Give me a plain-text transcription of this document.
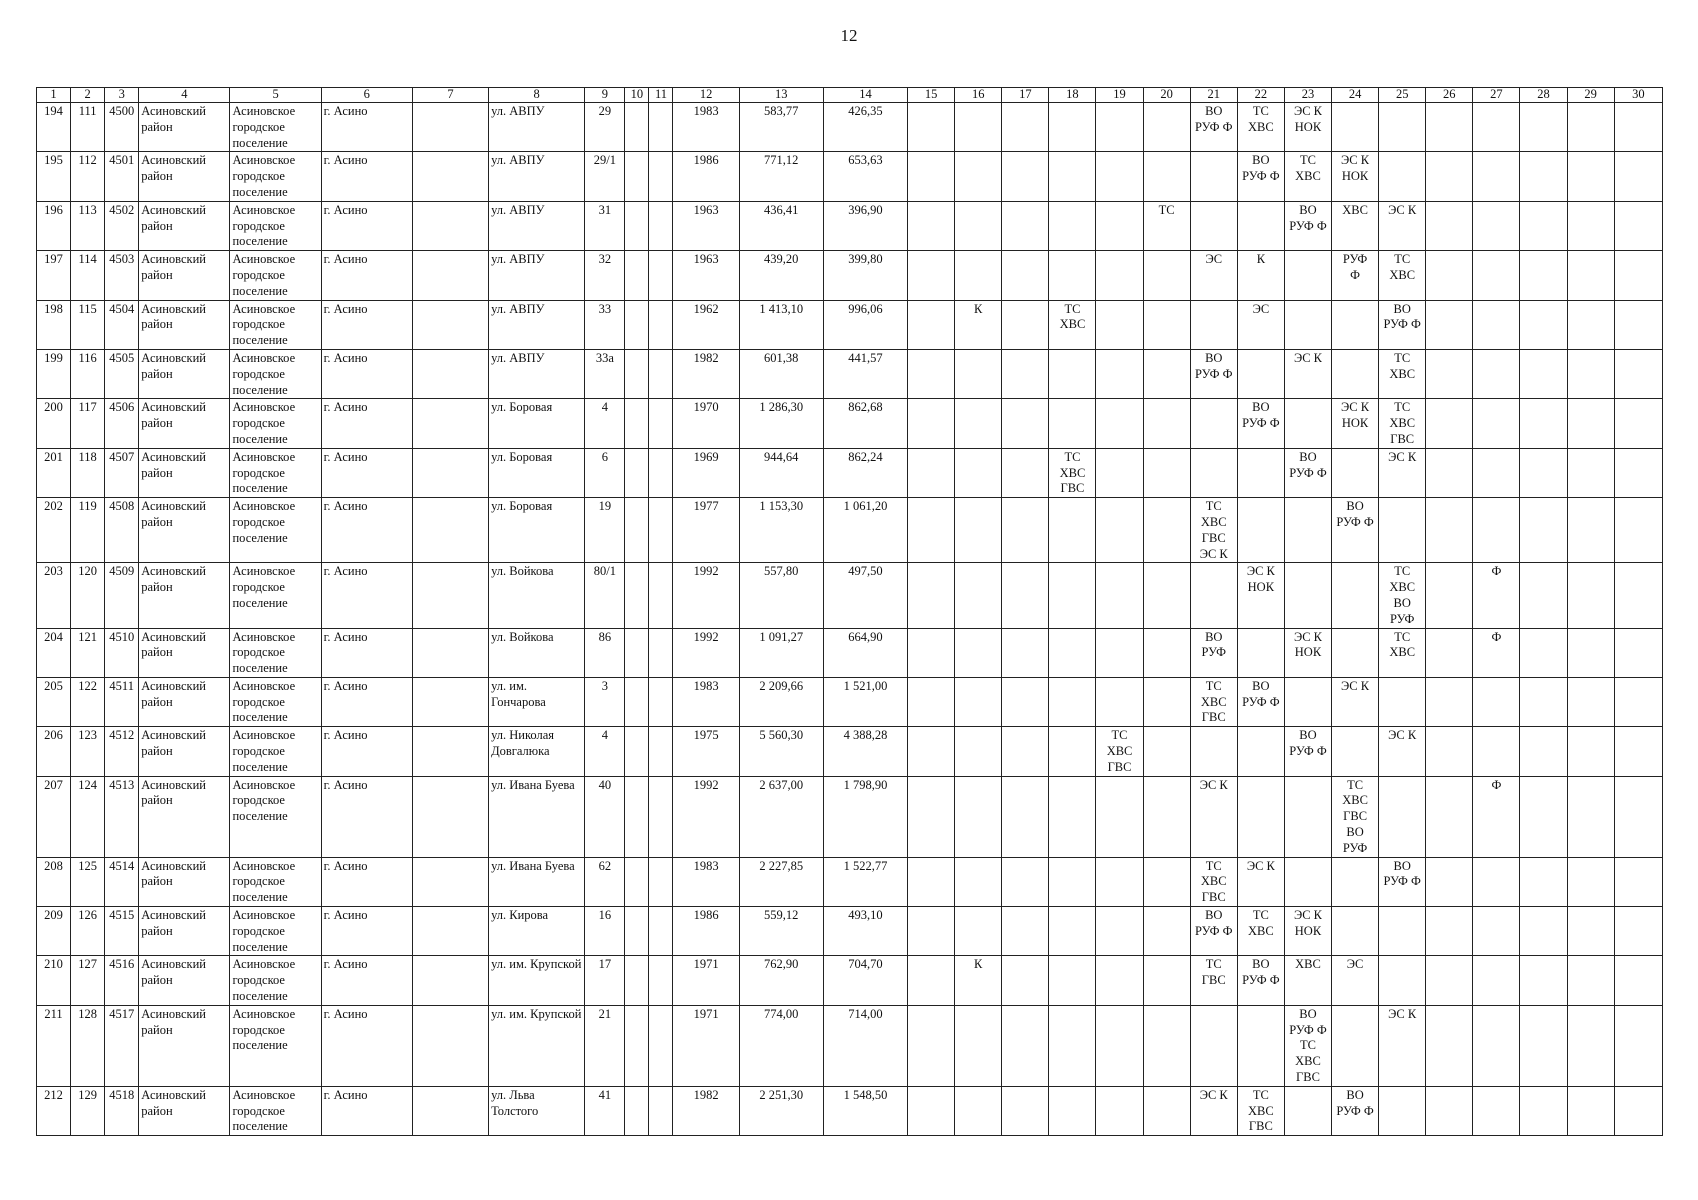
12
1	2	3	4	5	6	7	8	9	10	11	12	13	14	15	16	17	18	19	20	21	22	23	24	25	26	27	28	29	30
194	111	4500	Асиновский район	Асиновское городское поселение	г. Асино		ул. АВПУ	29			1983	583,77	426,35							ВО
РУФ Ф	ТС
ХВС	ЭС К
НОК							
195	112	4501	Асиновский район	Асиновское городское поселение	г. Асино		ул. АВПУ	29/1			1986	771,12	653,63								ВО
РУФ Ф	ТС
ХВС	ЭС К
НОК						
196	113	4502	Асиновский район	Асиновское городское поселение	г. Асино		ул. АВПУ	31			1963	436,41	396,90						ТС			ВО
РУФ Ф	ХВС	ЭС К					
197	114	4503	Асиновский район	Асиновское городское поселение	г. Асино		ул. АВПУ	32			1963	439,20	399,80							ЭС	К		РУФ
Ф	ТС
ХВС					
198	115	4504	Асиновский район	Асиновское городское поселение	г. Асино		ул. АВПУ	33			1962	1 413,10	996,06		К		ТС
ХВС				ЭС			ВО
РУФ Ф					
199	116	4505	Асиновский район	Асиновское городское поселение	г. Асино		ул. АВПУ	33а			1982	601,38	441,57							ВО
РУФ Ф		ЭС К		ТС
ХВС					
200	117	4506	Асиновский район	Асиновское городское поселение	г. Асино		ул. Боровая	4			1970	1 286,30	862,68								ВО
РУФ Ф		ЭС К
НОК	ТС
ХВС
ГВС					
201	118	4507	Асиновский район	Асиновское городское поселение	г. Асино		ул. Боровая	6			1969	944,64	862,24				ТС
ХВС
ГВС					ВО
РУФ Ф		ЭС К					
202	119	4508	Асиновский район	Асиновское городское поселение	г. Асино		ул. Боровая	19			1977	1 153,30	1 061,20							ТС
ХВС
ГВС
ЭС К			ВО
РУФ Ф						
203	120	4509	Асиновский район	Асиновское городское поселение	г. Асино		ул. Войкова	80/1			1992	557,80	497,50								ЭС К
НОК			ТС
ХВС
ВО
РУФ		Ф			
204	121	4510	Асиновский район	Асиновское городское поселение	г. Асино		ул. Войкова	86			1992	1 091,27	664,90							ВО
РУФ		ЭС К
НОК		ТС
ХВС		Ф			
205	122	4511	Асиновский район	Асиновское городское поселение	г. Асино		ул. им. Гончарова	3			1983	2 209,66	1 521,00							ТС
ХВС
ГВС	ВО
РУФ Ф		ЭС К						
206	123	4512	Асиновский район	Асиновское городское поселение	г. Асино		ул. Николая Довгалюка	4			1975	5 560,30	4 388,28					ТС
ХВС
ГВС				ВО
РУФ Ф		ЭС К					
207	124	4513	Асиновский район	Асиновское городское поселение	г. Асино		ул. Ивана Буева	40			1992	2 637,00	1 798,90							ЭС К			ТС
ХВС
ГВС
ВО
РУФ			Ф			
208	125	4514	Асиновский район	Асиновское городское поселение	г. Асино		ул. Ивана Буева	62			1983	2 227,85	1 522,77							ТС
ХВС
ГВС	ЭС К			ВО
РУФ Ф					
209	126	4515	Асиновский район	Асиновское городское поселение	г. Асино		ул. Кирова	16			1986	559,12	493,10							ВО
РУФ Ф	ТС
ХВС	ЭС К
НОК							
210	127	4516	Асиновский район	Асиновское городское поселение	г. Асино		ул. им. Крупской	17			1971	762,90	704,70		К					ТС
ГВС	ВО
РУФ Ф	ХВС	ЭС						
211	128	4517	Асиновский район	Асиновское городское поселение	г. Асино		ул. им. Крупской	21			1971	774,00	714,00									ВО
РУФ Ф
ТС
ХВС
ГВС		ЭС К					
212	129	4518	Асиновский район	Асиновское городское поселение	г. Асино		ул. Льва Толстого	41			1982	2 251,30	1 548,50							ЭС К	ТС
ХВС
ГВС		ВО
РУФ Ф						
